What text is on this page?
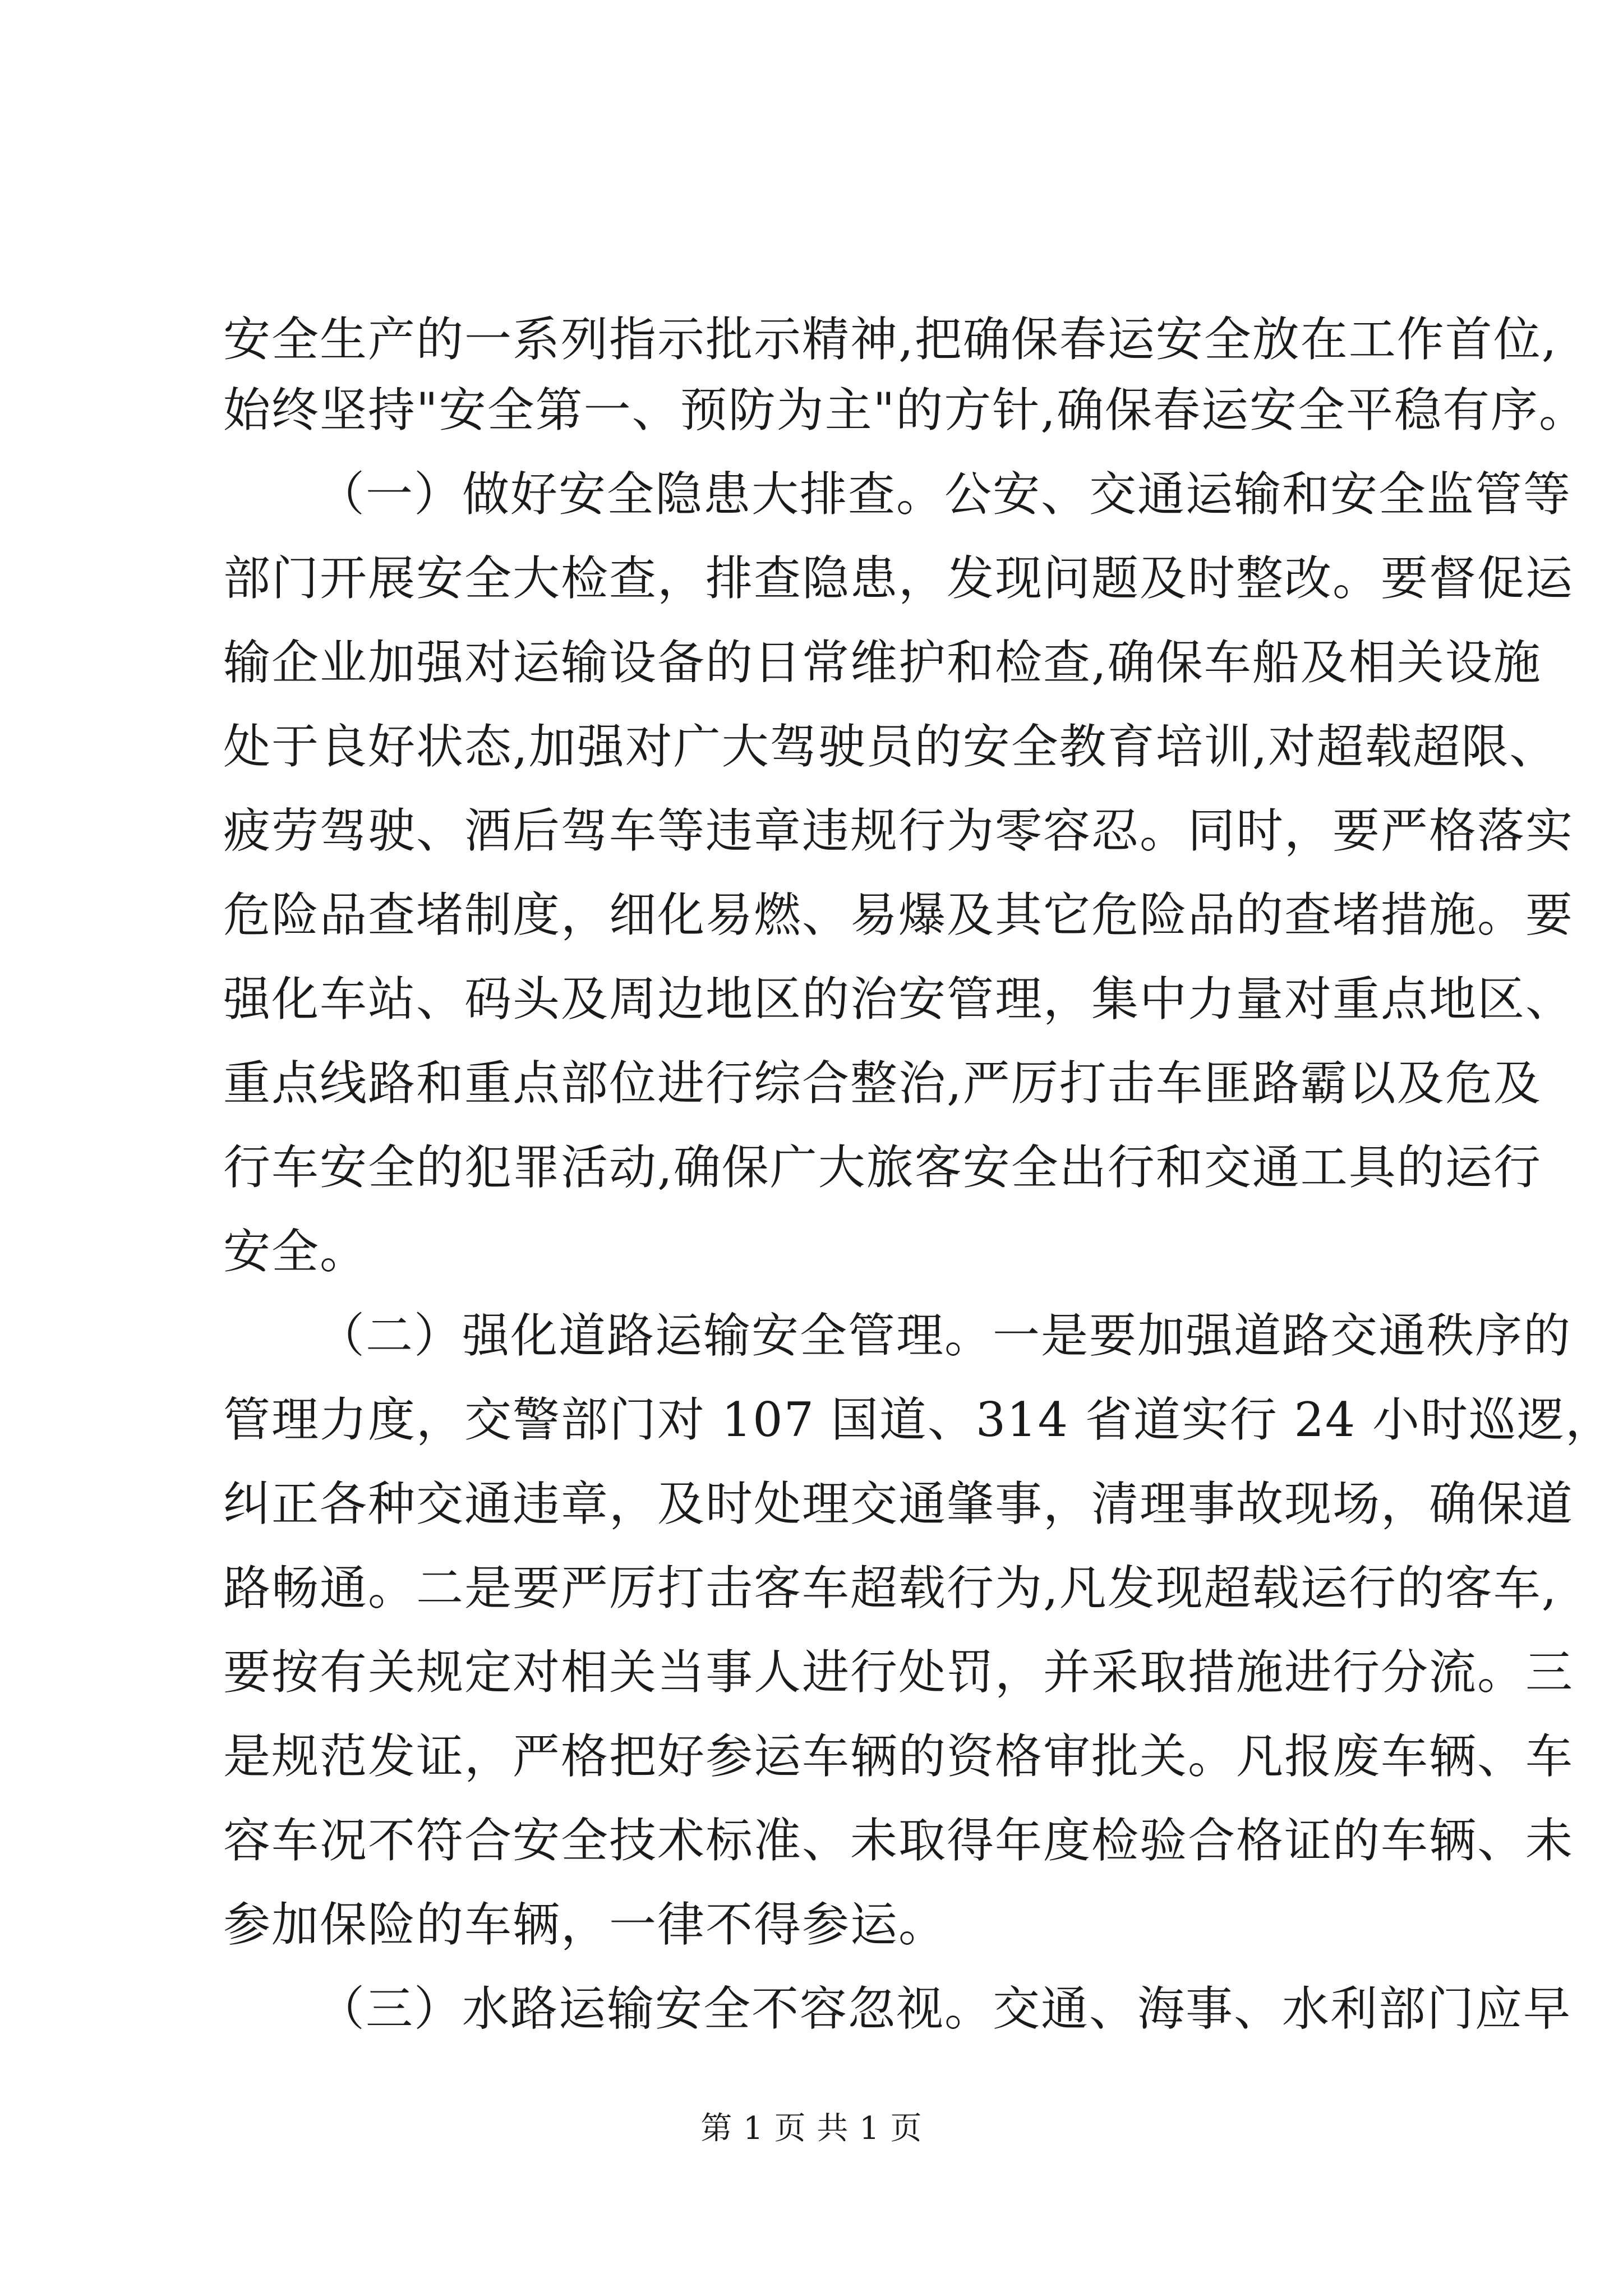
安全生产的一系列指示批示精神,把确保春运安全放在工作首位,
始终坚持"安全第一、预防为主"的方针,确保春运安全平稳有序。
（一）做好安全隐患大排查。公安、交通运输和安全监管等
部门开展安全大检查，排查隐患，发现问题及时整改。要督促运
输企业加强对运输设备的日常维护和检查,确保车船及相关设施
处于良好状态,加强对广大驾驶员的安全教育培训,对超载超限、
疲劳驾驶、酒后驾车等违章违规行为零容忍。同时，要严格落实
危险品查堵制度，细化易燃、易爆及其它危险品的查堵措施。要
强化车站、码头及周边地区的治安管理，集中力量对重点地区、
重点线路和重点部位进行综合整治,严厉打击车匪路霸以及危及
行车安全的犯罪活动,确保广大旅客安全出行和交通工具的运行
安全。
（二）强化道路运输安全管理。一是要加强道路交通秩序的
管理力度，交警部门对 107 国道、314 省道实行 24 小时巡逻，
纠正各种交通违章，及时处理交通肇事，清理事故现场，确保道
路畅通。二是要严厉打击客车超载行为,凡发现超载运行的客车,
要按有关规定对相关当事人进行处罚，并采取措施进行分流。三
是规范发证，严格把好参运车辆的资格审批关。凡报废车辆、车
容车况不符合安全技术标准、未取得年度检验合格证的车辆、未
参加保险的车辆，一律不得参运。
（三）水路运输安全不容忽视。交通、海事、水利部门应早
第 1 页 共 1 页
